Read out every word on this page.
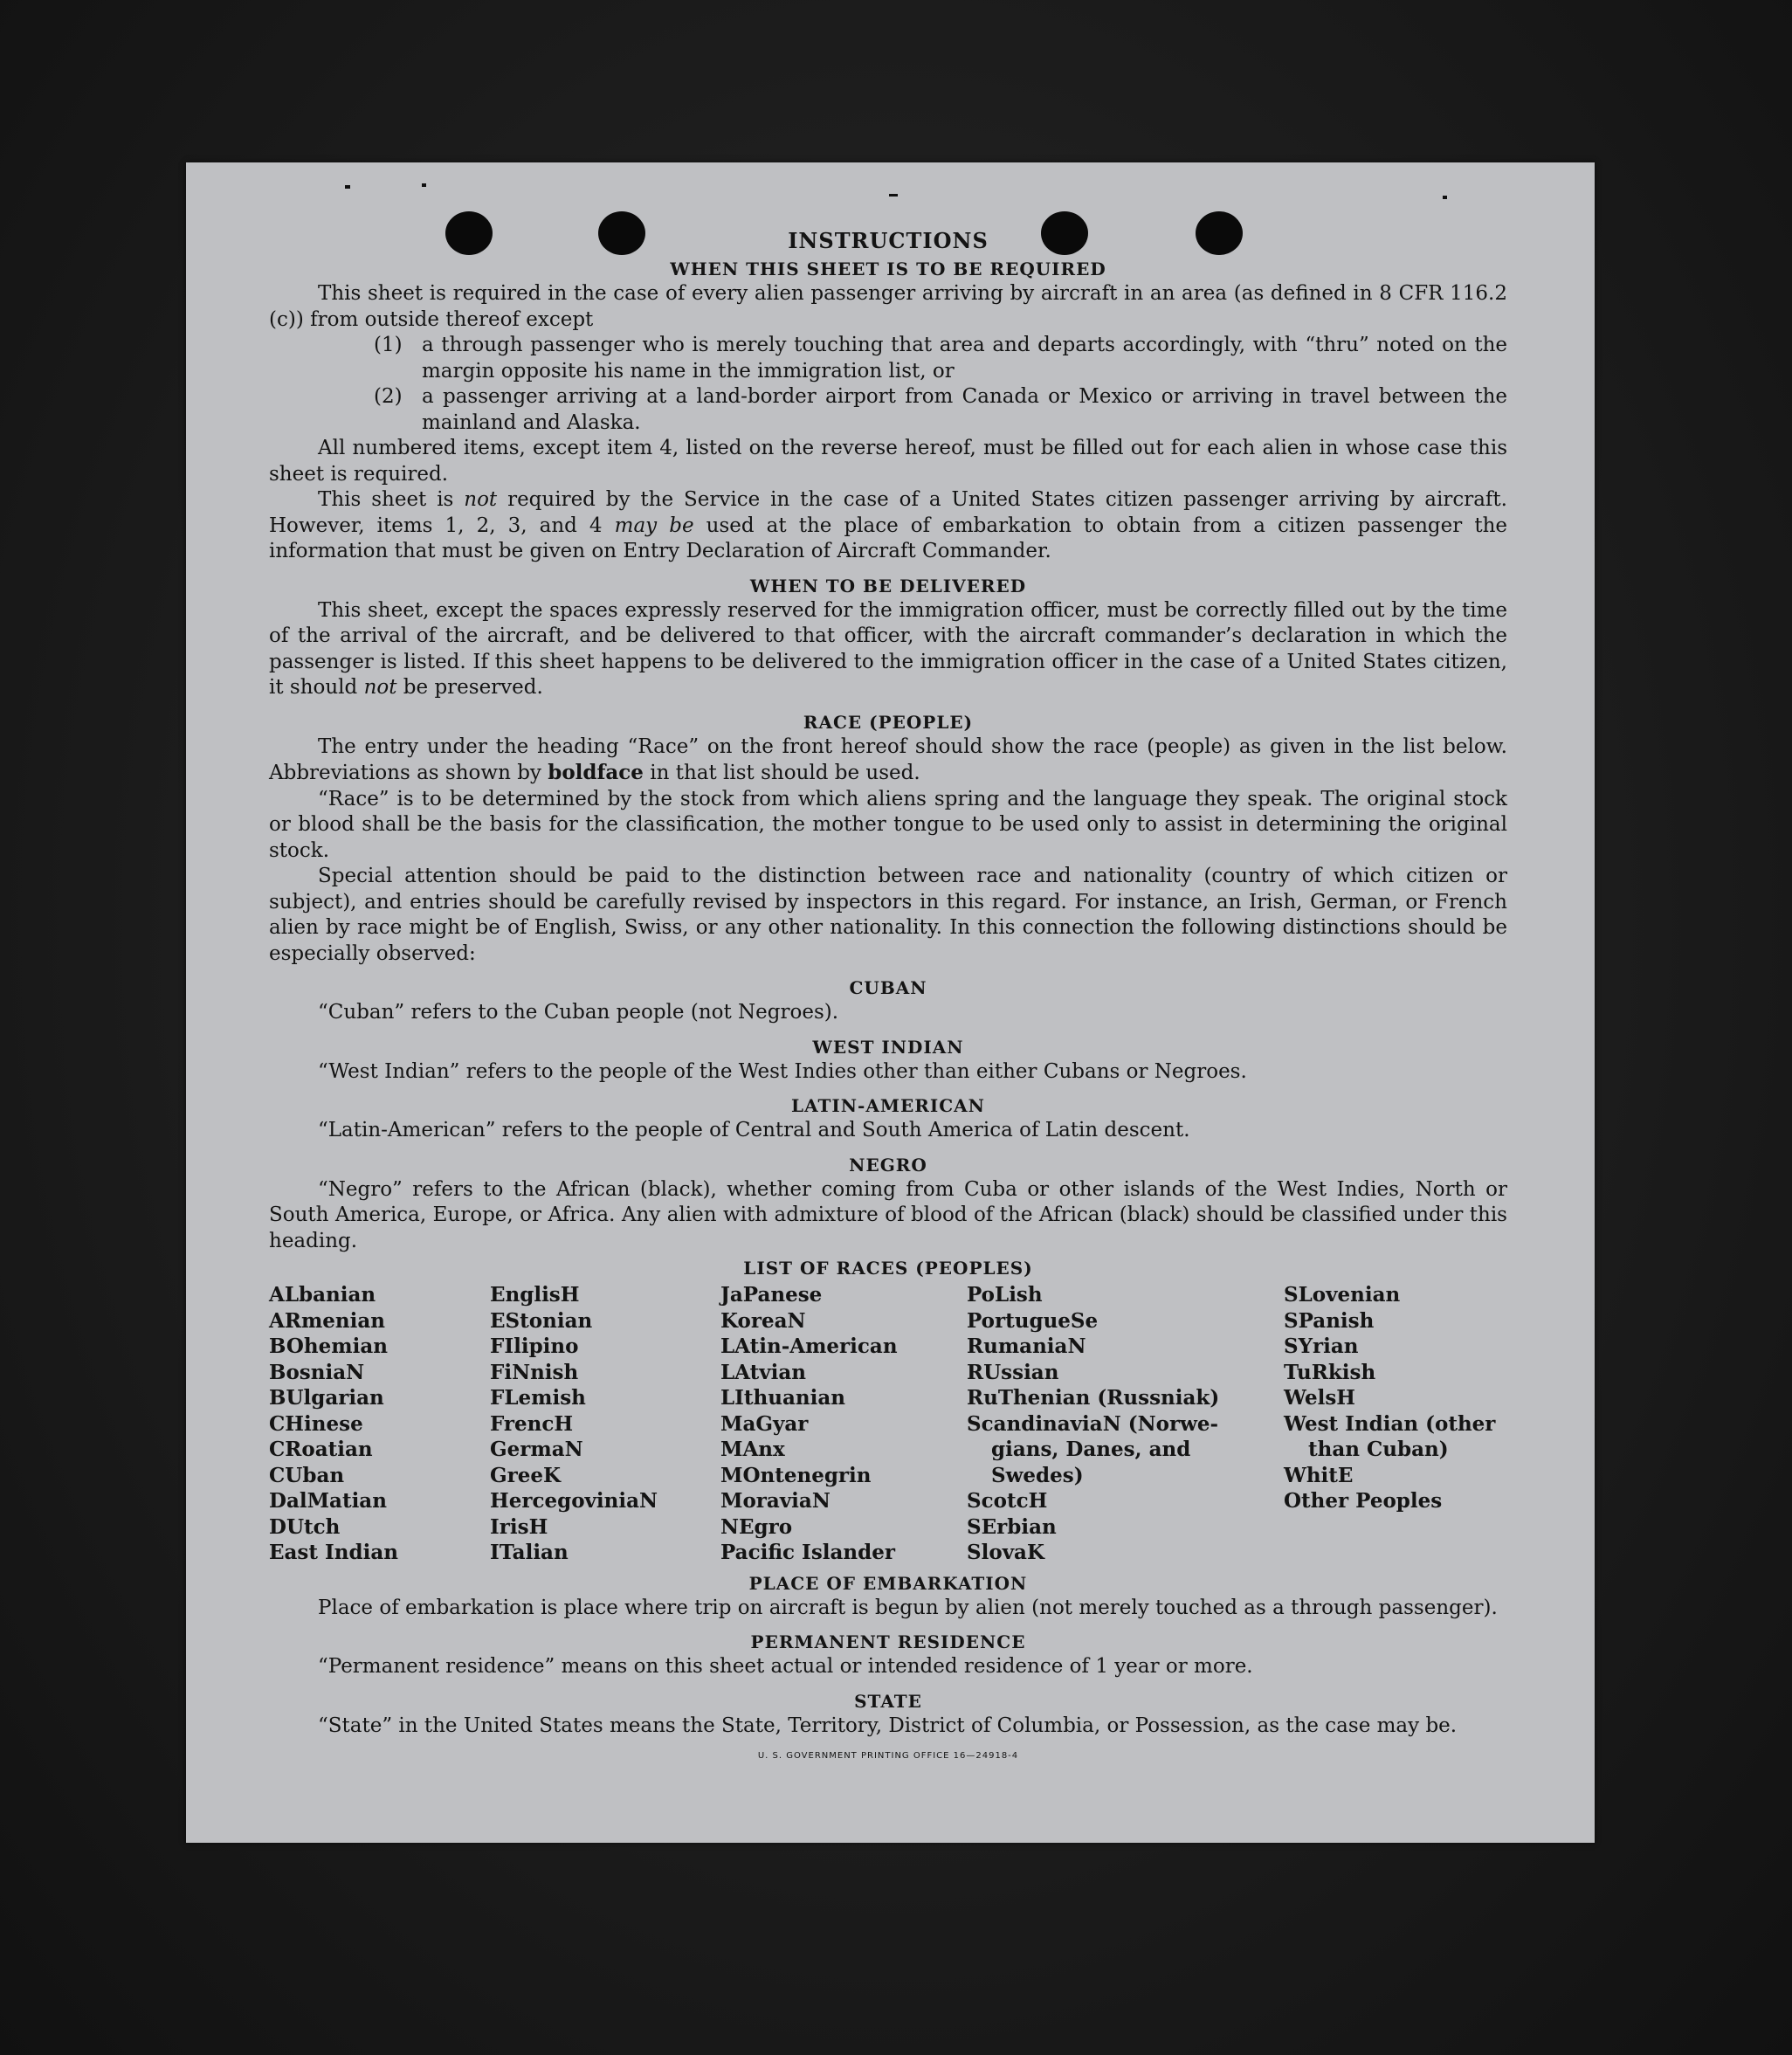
INSTRUCTIONS
WHEN THIS SHEET IS TO BE REQUIRED

This sheet is required in the case of every alien passenger arriving by aircraft in an area (as defined in 8 CFR 116.2 (c)) from outside thereof except

(1) a through passenger who is merely touching that area and departs accordingly, with “thru” noted on the margin opposite his name in the immigration list, or
(2) a passenger arriving at a land-border airport from Canada or Mexico or arriving in travel between the mainland and Alaska.

All numbered items, except item 4, listed on the reverse hereof, must be filled out for each alien in whose case this sheet is required.

This sheet is not required by the Service in the case of a United States citizen passenger arriving by aircraft. However, items 1, 2, 3, and 4 may be used at the place of embarkation to obtain from a citizen passenger the information that must be given on Entry Declaration of Aircraft Commander.

WHEN TO BE DELIVERED

This sheet, except the spaces expressly reserved for the immigration officer, must be correctly filled out by the time of the arrival of the aircraft, and be delivered to that officer, with the aircraft commander’s declaration in which the passenger is listed. If this sheet happens to be delivered to the immigration officer in the case of a United States citizen, it should not be preserved.

RACE (PEOPLE)

The entry under the heading “Race” on the front hereof should show the race (people) as given in the list below. Abbreviations as shown by boldface in that list should be used.

“Race” is to be determined by the stock from which aliens spring and the language they speak. The original stock or blood shall be the basis for the classification, the mother tongue to be used only to assist in determining the original stock.

Special attention should be paid to the distinction between race and nationality (country of which citizen or subject), and entries should be carefully revised by inspectors in this regard. For instance, an Irish, German, or French alien by race might be of English, Swiss, or any other nationality. In this connection the following distinctions should be especially observed:

CUBAN

“Cuban” refers to the Cuban people (not Negroes).

WEST INDIAN

“West Indian” refers to the people of the West Indies other than either Cubans or Negroes.

LATIN-AMERICAN

“Latin-American” refers to the people of Central and South America of Latin descent.

NEGRO

“Negro” refers to the African (black), whether coming from Cuba or other islands of the West Indies, North or South America, Europe, or Africa. Any alien with admixture of blood of the African (black) should be classified under this heading.

LIST OF RACES (PEOPLES)
ALbanian
ARmenian
BOhemian
BosniaN
BUlgarian
CHinese
CRoatian
CUban
DalMatian
DUtch
East Indian
EnglisH
EStonian
FIlipino
FiNnish
FLemish
FrencH
GermaN
GreeK
HercegoviniaN
IrisH
ITalian
JaPanese
KoreaN
LAtin-American
LAtvian
LIthuanian
MaGyar
MAnx
MOntenegrin
MoraviaN
NEgro
Pacific Islander
PoLish
PortugueSe
RumaniaN
RUssian
RuThenian (Russniak)
ScandinaviaN (Norwe-
gians, Danes, and
Swedes)
ScotcH
SErbian
SlovaK
SLovenian
SPanish
SYrian
TuRkish
WelsH
West Indian (other
than Cuban)
WhitE
Other Peoples
PLACE OF EMBARKATION

Place of embarkation is place where trip on aircraft is begun by alien (not merely touched as a through passenger).

PERMANENT RESIDENCE

“Permanent residence” means on this sheet actual or intended residence of 1 year or more.

STATE

“State” in the United States means the State, Territory, District of Columbia, or Possession, as the case may be.

U. S. GOVERNMENT PRINTING OFFICE 16—24918-4
